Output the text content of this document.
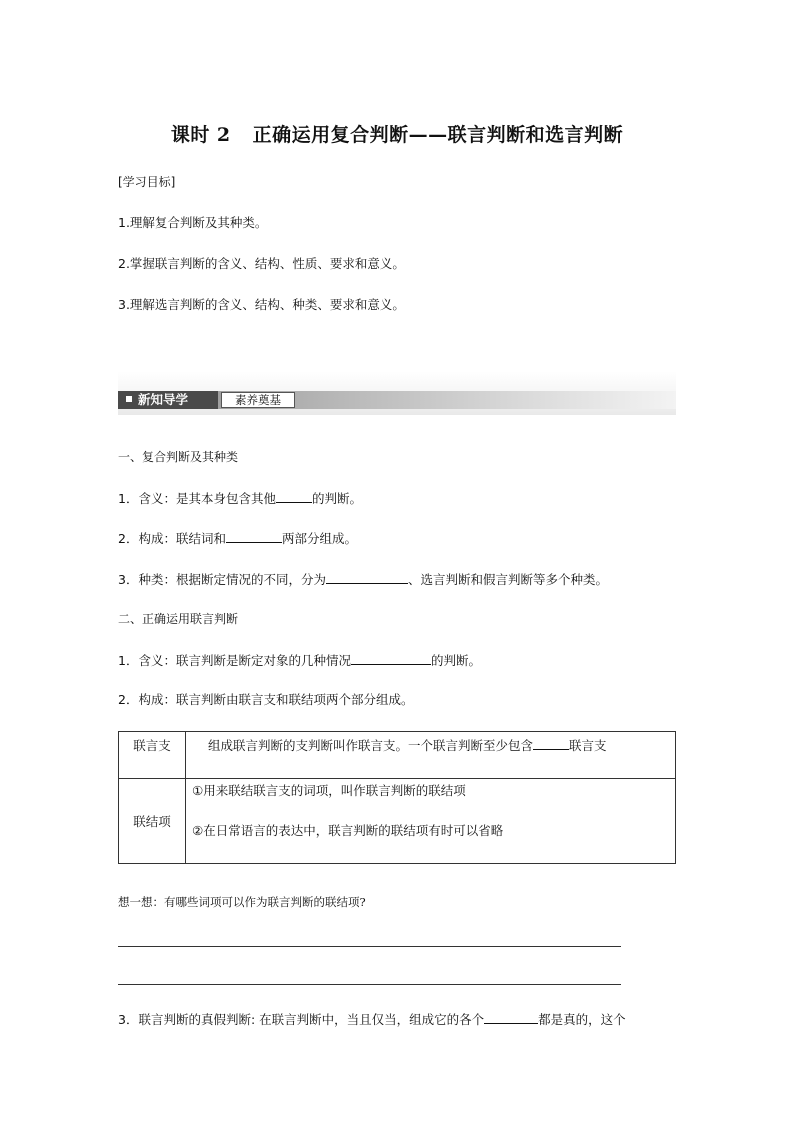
课时 2 正确运用复合判断——联言判断和选言判断
[学习目标]
1.理解复合判断及其种类。
2.掌握联言判断的含义、结构、性质、要求和意义。
3.理解选言判断的含义、结构、种类、要求和意义。
新知导学	素养奠基
一、复合判断及其种类
1．含义：是其本身包含其他	的判断。
2．构成：联结词和	两部分组成。
3．种类：根据断定情况的不同，分为	、选言判断和假言判断等多个种类。
二、正确运用联言判断
1．含义：联言判断是断定对象的几种情况	的判断。
2．构成：联言判断由联言支和联结项两个部分组成。
联言支	组成联言判断的支判断叫作联言支。一个联言判断至少包含 联言支
联结项	①用来联结联言支的词项，叫作联言判断的联结项
②在日常语言的表达中，联言判断的联结项有时可以省略
想一想：有哪些词项可以作为联言判断的联结项?
3．联言判断的真假判断: 在联言判断中，当且仅当，组成它的各个	都是真的，这个
